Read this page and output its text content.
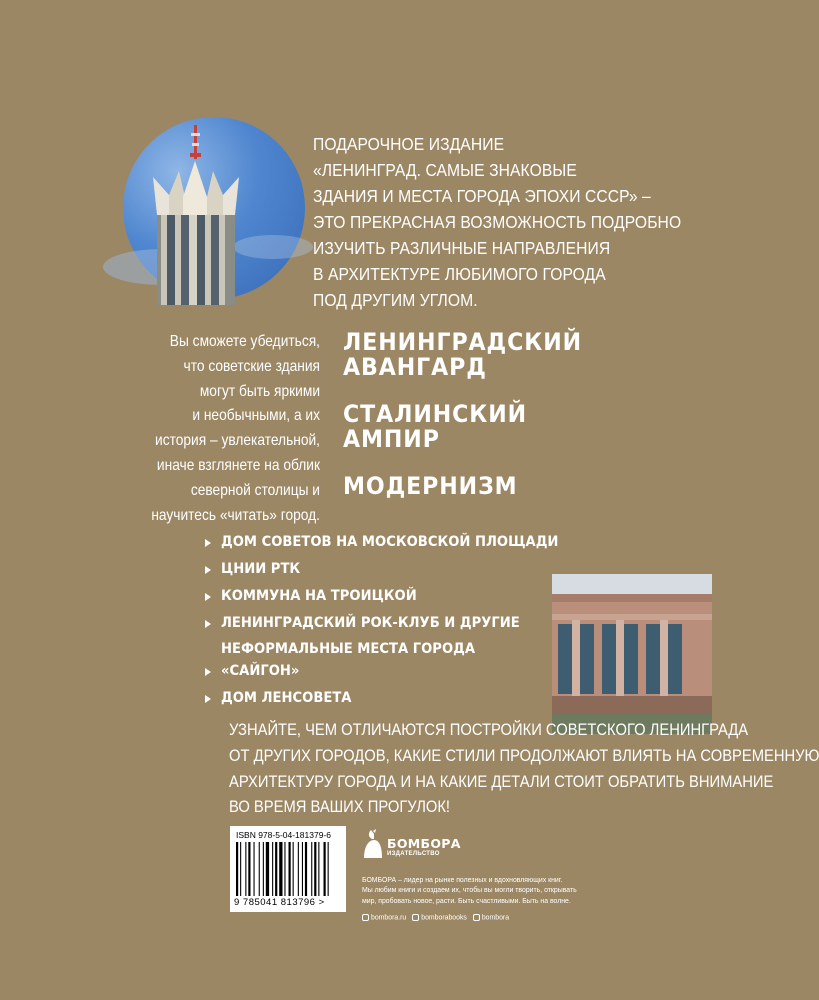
ПОДАРОЧНОЕ ИЗДАНИЕ
«ЛЕНИНГРАД. САМЫЕ ЗНАКОВЫЕ
ЗДАНИЯ И МЕСТА ГОРОДА ЭПОХИ СССР» –
ЭТО ПРЕКРАСНАЯ ВОЗМОЖНОСТЬ ПОДРОБНО
ИЗУЧИТЬ РАЗЛИЧНЫЕ НАПРАВЛЕНИЯ
В АРХИТЕКТУРЕ ЛЮБИМОГО ГОРОДА
ПОД ДРУГИМ УГЛОМ.
Вы сможете убедиться,
что советские здания
могут быть яркими
и необычными, а их
история – увлекательной,
иначе взглянете на облик
северной столицы и
научитесь «читать» город.
ЛЕНИНГРАДСКИЙ
АВАНГАРД
СТАЛИНСКИЙ
АМПИР
МОДЕРНИЗМ
ДОМ СОВЕТОВ НА МОСКОВСКОЙ ПЛОЩАДИ
ЦНИИ РТК
КОММУНА НА ТРОИЦКОЙ
ЛЕНИНГРАДСКИЙ РОК-КЛУБ И ДРУГИЕ
НЕФОРМАЛЬНЫЕ МЕСТА ГОРОДА
«САЙГОН»
ДОМ ЛЕНСОВЕТА
УЗНАЙТЕ, ЧЕМ ОТЛИЧАЮТСЯ ПОСТРОЙКИ СОВЕТСКОГО ЛЕНИНГРАДА
ОТ ДРУГИХ ГОРОДОВ, КАКИЕ СТИЛИ ПРОДОЛЖАЮТ ВЛИЯТЬ НА СОВРЕМЕННУЮ
АРХИТЕКТУРУ ГОРОДА И НА КАКИЕ ДЕТАЛИ СТОИТ ОБРАТИТЬ ВНИМАНИЕ
ВО ВРЕМЯ ВАШИХ ПРОГУЛОК!
ISBN 978-5-04-181379-6
9 785041 813796 >
БОМБОРА
ИЗДАТЕЛЬСТВО
БОМБОРА – лидер на рынке полезных и вдохновляющих книг.
Мы любим книги и создаем их, чтобы вы могли творить, открывать
мир, пробовать новое, расти. Быть счастливыми. Быть на волне.
bombora.ru	bomborabooks	bombora
